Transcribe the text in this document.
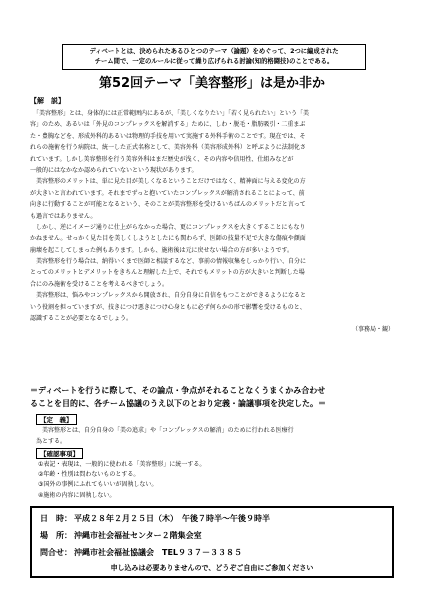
ディベートとは、決められたあるひとつのテーマ（論題）をめぐって、2つに編成された
チーム間で、一定のルールに従って繰り広げられる討論(知的格闘技)のことである。
第52回テーマ「美容整形」は是か非か
【解　説】
　「美容整形」とは、身体的には正常範囲内にあるが、「美しくなりたい」「若く見られたい」という「美
容」のため、あるいは「外見のコンプレックスを解消する」ために、しわ・脱毛・脂肪吸引・二重まぶ
た・豊胸などを、形成外科的あるいは物理的手技を用いて実施する外科手術のことです。現在では、そ
れらの施術を行う病院は、統一した正式名称として、美容外科（美容形成外科）と呼ぶように法制化さ
れています。しかし美容整形を行う美容外科はまだ歴史が浅く、その内容や信用性、仕組みなどが
一般的にはなかなか認められていないという現状があります。
　美容整形のメリットは、単に見た目が美しくなるということだけではなく、精神面に与える変化の方
が大きいと言われています。それまでずっと抱いていたコンプレックスが解消されることによって、前
向きに行動することが可能となるという、そのことが美容整形を受けるいちばんのメリットだと言って
も過言ではありません。
　しかし、逆にイメージ通りに仕上がらなかった場合、更にコンプレックスを大きくすることにもなり
かねません。せっかく見た目を美しくしようとしたにも関わらず、医師の技量不足で大きな傷痕や顔面
崩壊を起こしてしまった例もあります。しかも、施術後は元に戻せない場合の方が多いようです。
　美容整形を行う場合は、納得いくまで医師と相談するなど、事前の情報収集をしっかり行い、自分に
とってのメリットとデメリットをきちんと理解した上で、それでもメリットの方が大きいと判断した場
合にのみ施術を受けることを考えるべきでしょう。
　美容整形は、悩みやコンプレックスから開放され、自分自身に自信をもつことができるようになると
いう役割を担っていますが、技きにつけ悪きにつけ心身ともに必ず何らかの形で影響を受けるものと、
認識することが必要となるでしょう。
（事務局・観）
＝ディベートを行うに際して、その論点・争点がそれることなくうまくかみ合わせ
ることを目的に、各チーム協議のうえ以下のとおり定義・論議事項を決定した。＝
【定　義】
　美容整形とは、自分自身の「美の追求」や「コンプレックスの解消」のために行われる医療行
為とする。
【確認事項】
①表記・表現は、一般的に使われる「美容整形」に統一する。
②年齢・性別は問わないものとする。
③国外の事例にふれてもいいが固執しない。
④施術の内容に固執しない。
日　時： 平成２８年２月２５日（木）　午後７時半～午後９時半
場　所： 沖縄市社会福祉センター２階集会室
問合せ： 沖縄市社会福祉協議会　TEL９３７－３３８５
申し込みは必要ありませんので、どうぞご自由にご参加ください
